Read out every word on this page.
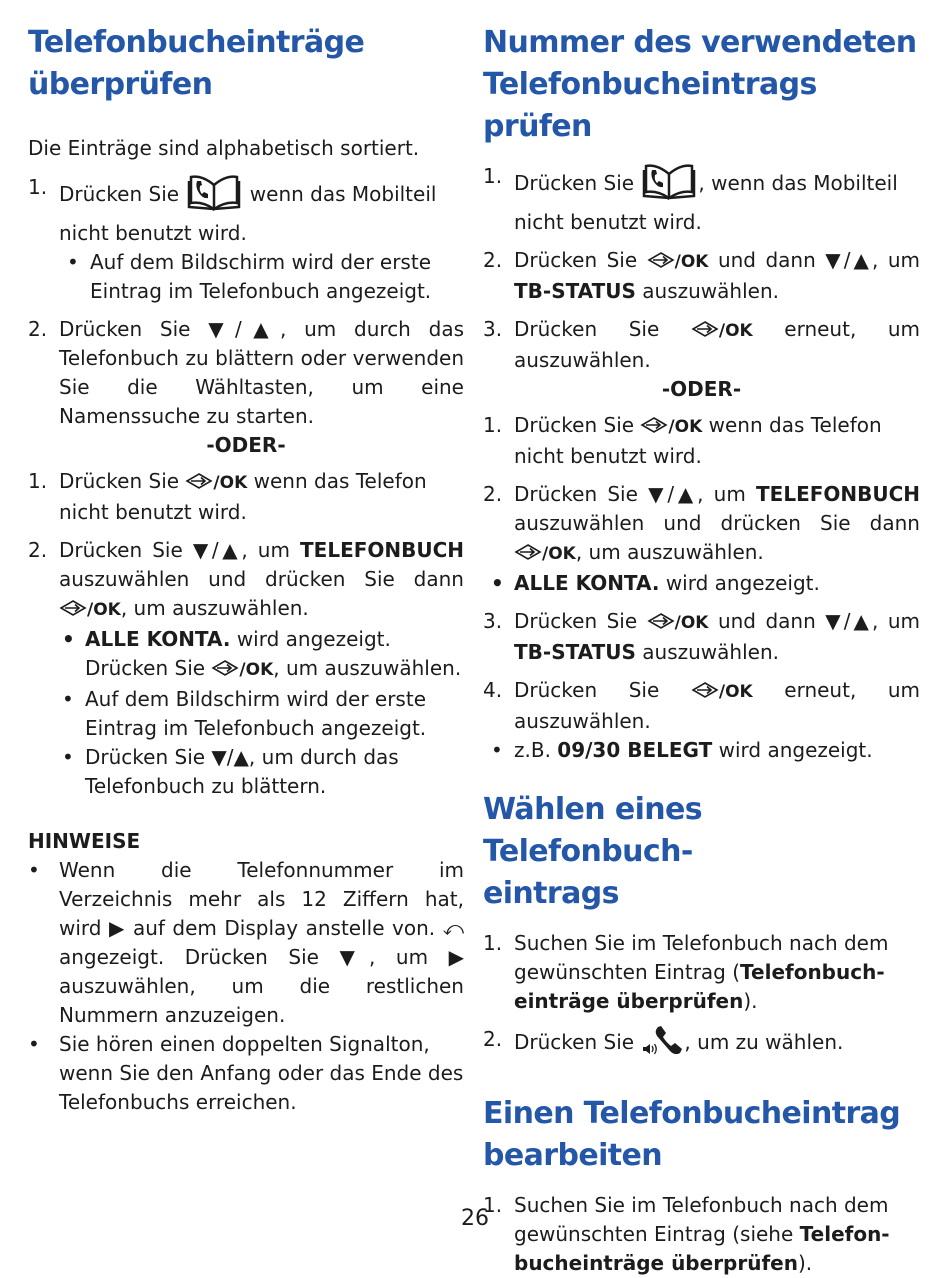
Telefonbucheinträge
überprüfen
Die Einträge sind alphabetisch sortiert.
1. Drücken Sie	wenn das Mobilteil nicht benutzt wird.
• Auf dem Bildschirm wird der erste Eintrag im Telefonbuch angezeigt.
2. Drücken Sie ▼/▲, um durch das Telefonbuch zu blättern oder verwenden Sie die Wähltasten, um eine Namenssuche zu starten.
-ODER-
1. Drücken Sie /OK wenn das Telefon nicht benutzt wird.
2. Drücken Sie ▼/▲, um TELEFONBUCH auszuwählen und drücken Sie dann /OK, um auszuwählen.
• ALLE KONTA. wird angezeigt.
Drücken Sie /OK, um auszuwählen.
• Auf dem Bildschirm wird der erste Eintrag im Telefonbuch angezeigt.
• Drücken Sie ▼/▲, um durch das Telefonbuch zu blättern.
HINWEISE
• Wenn die Telefonnummer im Verzeichnis mehr als 12 Ziffern hat, wird ▶ auf dem Display anstelle von. ⤺ angezeigt. Drücken Sie ▼, um ▶ auszuwählen, um die restlichen Nummern anzuzeigen.
• Sie hören einen doppelten Signalton, wenn Sie den Anfang oder das Ende des Telefonbuchs erreichen.
Nummer des verwendeten
Telefonbucheintrags prüfen
1. Drücken Sie	, wenn das Mobilteil nicht benutzt wird.
2. Drücken Sie /OK und dann ▼/▲, um TB-STATUS auszuwählen.
3. Drücken Sie	/OK erneut, um auszuwählen.
-ODER-
1. Drücken Sie /OK wenn das Telefon nicht benutzt wird.
2. Drücken Sie ▼/▲, um TELEFONBUCH auszuwählen und drücken Sie dann /OK, um auszuwählen.
• ALLE KONTA. wird angezeigt.
3. Drücken Sie /OK und dann ▼/▲, um TB-STATUS auszuwählen.
4. Drücken Sie	/OK erneut, um auszuwählen.
• z.B. 09/30 BELEGT wird angezeigt.
Wählen eines Telefonbuch-
eintrags
1. Suchen Sie im Telefonbuch nach dem gewünschten Eintrag (Telefonbuch-einträge überprüfen).
2. Drücken Sie	, um zu wählen.
Einen Telefonbucheintrag
bearbeiten
1. Suchen Sie im Telefonbuch nach dem gewünschten Eintrag (siehe Telefon-bucheinträge überprüfen).
26
